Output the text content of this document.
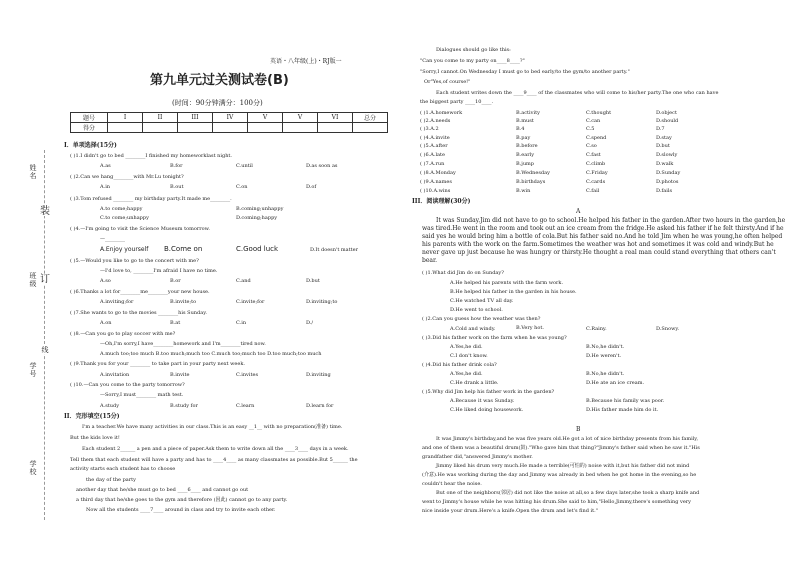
姓名
装
班级 订
学号
线
学校
英语・八年级(上)・RJ版一
第九单元过关测试卷(B)
(时间：90分钟满分：100分)
题号	I	II	III	IV	V	V	VI	总分
得分								
I．单项选择(15分)
( )1.I didn't go to bed ________I finished my homeworklast night.
A.as	B.for	C.until	D.as soon as
( )2.Can we hang________with Mr.Lu tonight?
A.in	B.out	C.on	D.of
( )3.Tom refused ________ my birthday party.It made me________.
A.to come;happy	B.coming;unhappy
C.to come;unhappy	D.coming;happy
( )4.—I'm going to visit the Science Museum tomorrow.
—________
A.Enjoy yourself B.Come on	C.Good luck	D.It doesn't matter
( )5.—Would you like to go to the concert with me?
—I'd love to, ________I'm afraid I have no time.
A.so	B.or	C.and	D.but
( )6.Thanks a lot for________me________your new house.
A.inviting;for	B.invite;to	C.invite;for	D.inviting;to
( )7.She wants to go to the movies ________his Sunday.
A.on	B.at	C.in	D./
( )8.—Can you go to play soccer with me?
—Oh,I'm sorry,I have________homework and I'm________tired now.
A.much too;too much B.too much;much too C.much too;much too D.too much;too much
( )9.Thank you for your ________ to take part in your party next week.
A.invitation	B.invite	C.invites	D.inviting
( )10.—Can you come to the party tomorrow?
—Sorry,I must________ math test.
A.study	B.study for	C.learn	D.learn for
II．完形填空(15分)
I'm a teacher.We have many activities in our class.This is an easy __1__ with no preparation(准备) time.
But the kids love it!
Each student 2______ a pen and a piece of paper.Ask them to write down all the ____3____ days in a week.
Tell them that each student will have a party and has to ____4____ as many classmates as possible.But 5______ the
activity starts each student has to choose
the day of the party
another day that he/she must go to bed ____6____ and cannot go out
a third day that he/she goes to the gym and therefore (因此) cannot go to any party.
Now all the students ____7____ around in class and try to invite each other.
Dialogues should go like this:
"Can you come to my party on____8____?"
"Sorry,I cannot.On Wednesday I must go to bed early/to the gym/to another party."
Or"Yes,of course!"
Each student writes down the ____9____ of the classmates who will come to his/her party.The one who can have
the biggest party ____10____.
( )1.A.homework	B.activity	C.thought	D.object
( )2.A.needs	B.must	C.can	D.should
( )3.A.2	B.4	C.5	D.7
( )4.A.invite	B.pay	C.spend	D.stay
( )5.A.after	B.before	C.so	D.but
( )6.A.late	B.early	C.fast	D.slowly
( )7.A.run	B.jump	C.climb	D.walk
( )8.A.Monday	B.Wednesday	C.Friday	D.Sunday
( )9.A.names	B.birthdays	C.cards	D.photos
( )10.A.wins	B.win	C.fail	D.fails
III．阅读理解(30分)
A

It was Sunday.Jim did not have to go to school.He helped his father in the garden.After two hours in the garden,he was tired.He went in the room and took out an ice cream from the fridge.He asked his father if he felt thirsty.And if he said yes he would bring him a bottle of cola.But his father said no.And he told Jim when he was young,he often helped his parents with the work on the farm.Sometimes the weather was hot and sometimes it was cold and windy.But he never gave up just because he was hungry or thirsty.He thought a real man could stand everything that others can't bear.

( )1.What did Jim do on Sunday?
A.He helped his parents with the farm work.
B.He helped his father in the garden in his house.
C.He watched TV all day.
D.He went to school.
( )2.Can you guess how the weather was then?
A.Cold and windy.	B.Very hot.	C.Rainy.	D.Snowy.
( )3.Did his father work on the farm when he was young?
A.Yes,he did.	B.No,he didn't.
C.I don't know.	D.He weren't.
( )4.Did his father drink cola?
A.Yes,he did.	B.No,he didn't.
C.He drank a little.	D.He ate an ice cream.
( )5.Why did Jim help his father work in the garden?
A.Because it was Sunday.	B.Because his family was poor.
C.He liked doing housework.	D.His father made him do it.
B
It was Jimmy's birthday,and he was five years old.He got a lot of nice birthday presents from his family,
and one of them was a beautiful drum(鼓)."Who gave him that thing?"Jimmy's father said when he saw it."His
grandfather did,"answered Jimmy's mother.
Jimmy liked his drum very much.He made a terrible(可怕的) noise with it,but his father did not mind
(介意).He was working during the day and Jimmy was already in bed when he got home in the evening,so he
couldn't hear the noise.
But one of the neighbors(邻居) did not like the noise at all,so a few days later,she took a sharp knife and
went to Jimmy's house while he was hitting his drum.She said to him,"Hello,Jimmy,there's something very
nice inside your drum.Here's a knife.Open the drum and let's find it."
